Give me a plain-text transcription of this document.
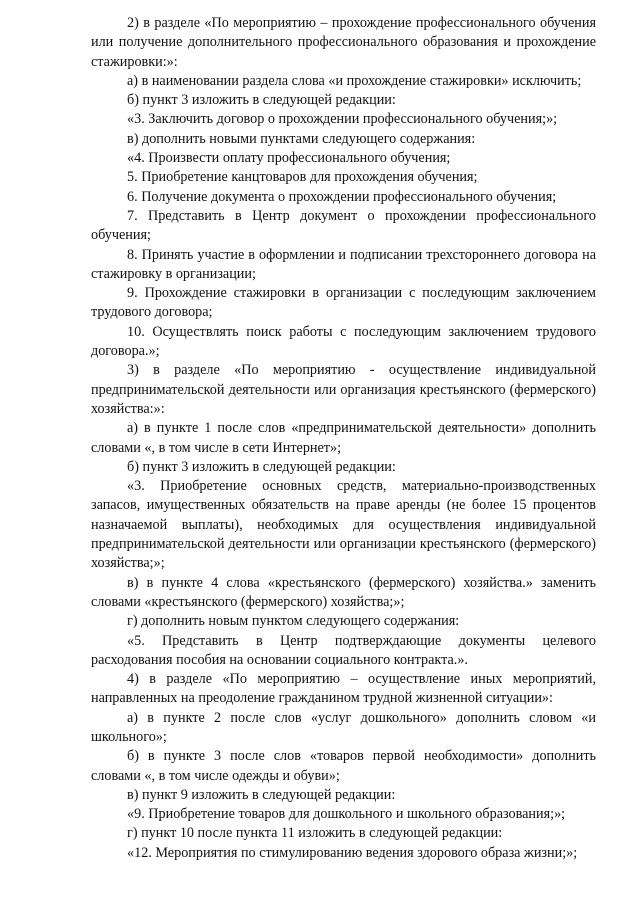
2) в разделе «По мероприятию – прохождение профессионального обучения или получение дополнительного профессионального образования и прохождение стажировки:»:

а) в наименовании раздела слова «и прохождение стажировки» исключить;

б) пункт 3 изложить в следующей редакции:

«3. Заключить договор о прохождении профессионального обучения;»;

в) дополнить новыми пунктами следующего содержания:

«4. Произвести оплату профессионального обучения;

5. Приобретение канцтоваров для прохождения обучения;

6. Получение документа о прохождении профессионального обучения;

7. Представить в Центр документ о прохождении профессионального обучения;

8. Принять участие в оформлении и подписании трехстороннего договора на стажировку в организации;

9. Прохождение стажировки в организации с последующим заключением трудового договора;

10. Осуществлять поиск работы с последующим заключением трудового договора.»;

3) в разделе «По мероприятию - осуществление индивидуальной предпринимательской деятельности или организация крестьянского (фермерского) хозяйства:»:

а) в пункте 1 после слов «предпринимательской деятельности» дополнить словами «, в том числе в сети Интернет»;

б) пункт 3 изложить в следующей редакции:

«3. Приобретение основных средств, материально-производственных запасов, имущественных обязательств на праве аренды (не более 15 процентов назначаемой выплаты), необходимых для осуществления индивидуальной предпринимательской деятельности или организации крестьянского (фермерского) хозяйства;»;

в) в пункте 4 слова «крестьянского (фермерского) хозяйства.» заменить словами «крестьянского (фермерского) хозяйства;»;

г) дополнить новым пунктом следующего содержания:

«5. Представить в Центр подтверждающие документы целевого расходования пособия на основании социального контракта.».

4) в разделе «По мероприятию – осуществление иных мероприятий, направленных на преодоление гражданином трудной жизненной ситуации»:

а) в пункте 2 после слов «услуг дошкольного» дополнить словом «и школьного»;

б) в пункте 3 после слов «товаров первой необходимости» дополнить словами «, в том числе одежды и обуви»;

в) пункт 9 изложить в следующей редакции:

«9. Приобретение товаров для дошкольного и школьного образования;»;

г) пункт 10 после пункта 11 изложить в следующей редакции:

«12. Мероприятия по стимулированию ведения здорового образа жизни;»;
